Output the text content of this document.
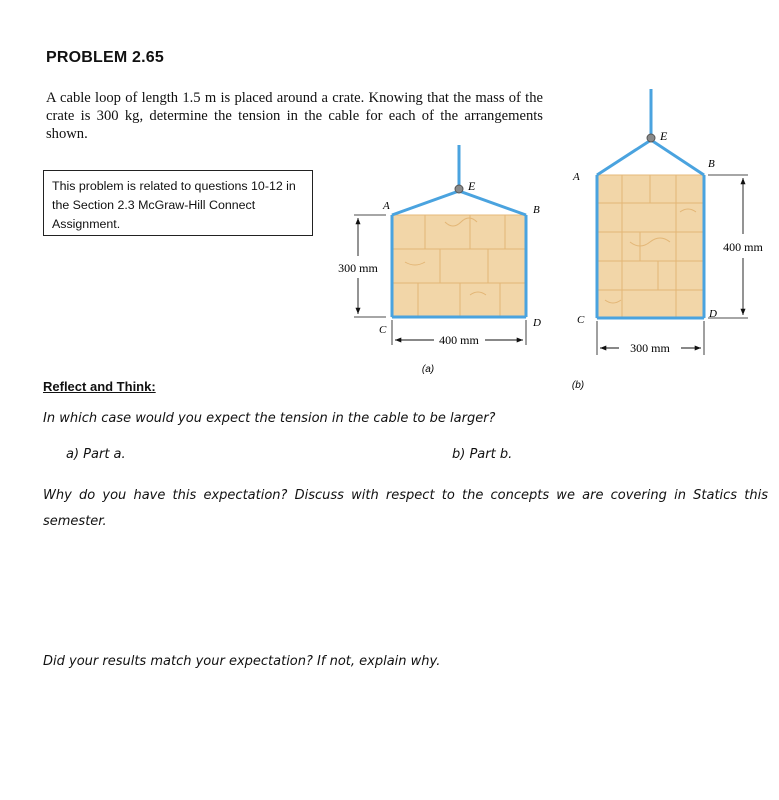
PROBLEM 2.65
A cable loop of length 1.5 m is placed around a crate. Knowing that the mass of the crate is 300 kg, determine the tension in the cable for each of the arrangements shown.
This problem is related to questions 10-12 in the Section 2.3 McGraw-Hill Connect Assignment.
E
A	B
C
D
300 mm
400 mm
(a)
E
A
B
C	D
400 mm
300 mm
(b)
Reflect and Think:
In which case would you expect the tension in the cable to be larger?
a) Part a.	b) Part b.
Why do you have this expectation? Discuss with respect to the concepts we are covering in Statics this semester.
Did your results match your expectation? If not, explain why.
